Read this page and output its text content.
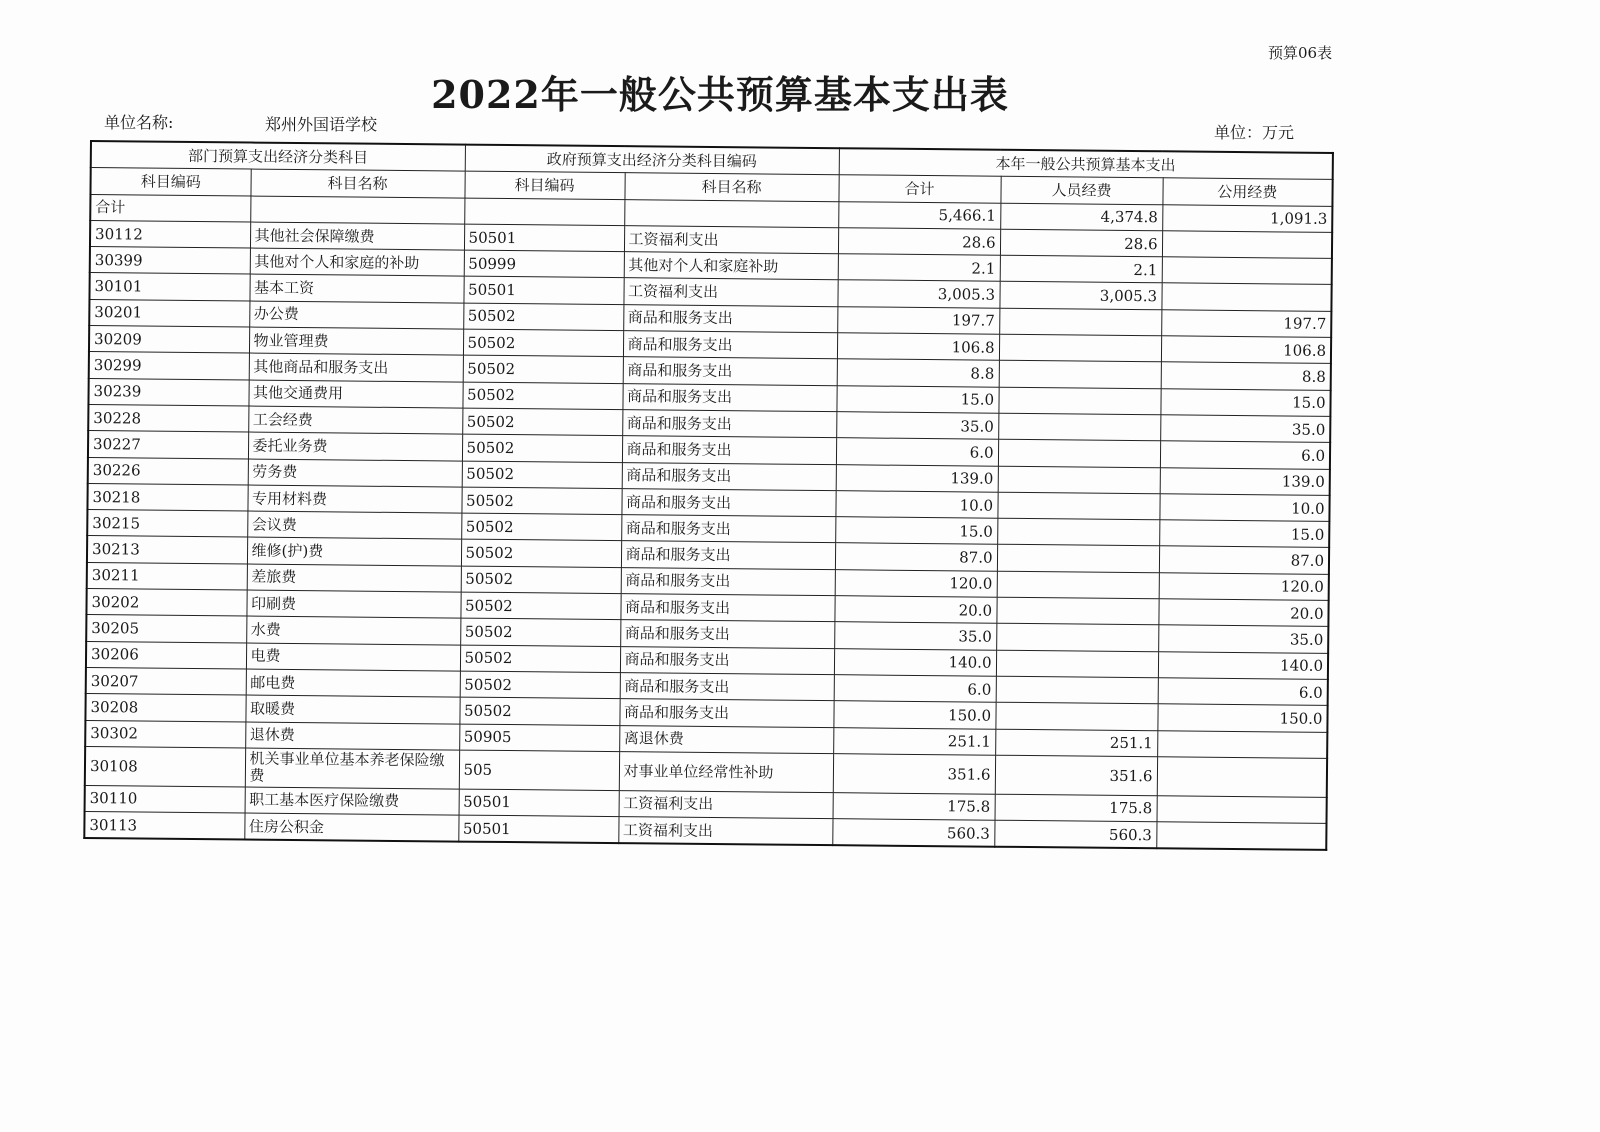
预算06表
2022年一般公共预算基本支出表
单位名称:	郑州外国语学校	单位：万元
部门预算支出经济分类科目		政府预算支出经济分类科目编码		本年一般公共预算基本支出		
科目编码	科目名称	科目编码	科目名称	合计	人员经费	公用经费
合计				5,466.1	4,374.8	1,091.3
30112	其他社会保障缴费	50501	工资福利支出	28.6	28.6	
30399	其他对个人和家庭的补助	50999	其他对个人和家庭补助	2.1	2.1	
30101	基本工资	50501	工资福利支出	3,005.3	3,005.3	
30201	办公费	50502	商品和服务支出	197.7		197.7
30209	物业管理费	50502	商品和服务支出	106.8		106.8
30299	其他商品和服务支出	50502	商品和服务支出	8.8		8.8
30239	其他交通费用	50502	商品和服务支出	15.0		15.0
30228	工会经费	50502	商品和服务支出	35.0		35.0
30227	委托业务费	50502	商品和服务支出	6.0		6.0
30226	劳务费	50502	商品和服务支出	139.0		139.0
30218	专用材料费	50502	商品和服务支出	10.0		10.0
30215	会议费	50502	商品和服务支出	15.0		15.0
30213	维修(护)费	50502	商品和服务支出	87.0		87.0
30211	差旅费	50502	商品和服务支出	120.0		120.0
30202	印刷费	50502	商品和服务支出	20.0		20.0
30205	水费	50502	商品和服务支出	35.0		35.0
30206	电费	50502	商品和服务支出	140.0		140.0
30207	邮电费	50502	商品和服务支出	6.0		6.0
30208	取暖费	50502	商品和服务支出	150.0		150.0
30302	退休费	50905	离退休费	251.1	251.1	
30108	机关事业单位基本养老保险缴费	505	对事业单位经常性补助	351.6	351.6	
30110	职工基本医疗保险缴费	50501	工资福利支出	175.8	175.8	
30113	住房公积金	50501	工资福利支出	560.3	560.3	
